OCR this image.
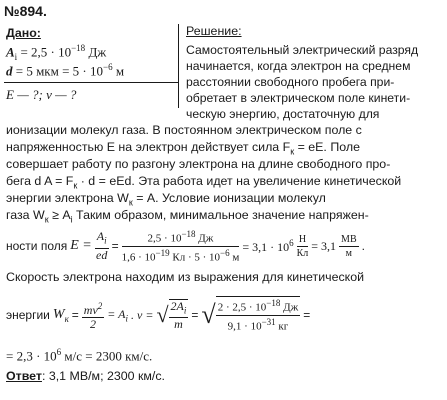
№894.
Дано:
$A_i = 2,5 \cdot 10^{-18}$ Дж
d = 5 мкм = $5 \cdot 10^{-6}$ м
E — ?; v — ?
Решение:
Самостоятельный электрический разряд
начинается, когда электрон на среднем
расстоянии свободного пробега при-
обретает в электрическом поле кинети-
ческую энергию, достаточную для
ионизации молекул газа. В постоянном электрическом поле с
напряженностью E на электрон действует сила $F_к$ = eE. Поле
совершает работу по разгону электрона на длине свободного про-
бега d $A = F_к \cdot d$ = eEd. Эта работа идет на увеличение кинетической
энергии электрона $W_к = A$. Условие ионизации молекул
газа $W_к \ge A_i$ Таким образом, минимальное значение напряжен-
ности поля $E = \frac{A_i}{ed} = \frac{2,5 \cdot 10^{-18} Дж}{1,6 \cdot 10^{-19} Кл \cdot 5 \cdot 10^{-6} м} = 3,1 \cdot 10^6 \frac{Н}{Кл} = 3,1 \frac{МВ}{м}$ .
Скорость электрона находим из выражения для кинетической
энергии $W_к = \frac{mv^2}{2} = A_i$ . v = √ $\frac{2A_i}{m}$ = √ $\frac{2 \cdot 2,5 \cdot 10^{-18} Дж}{9,1 \cdot 10^{-31} кг}$ =
= $2,3 \cdot 10^6$ м/с = 2300 км/с.
Ответ: 3,1 МВ/м; 2300 км/с.
